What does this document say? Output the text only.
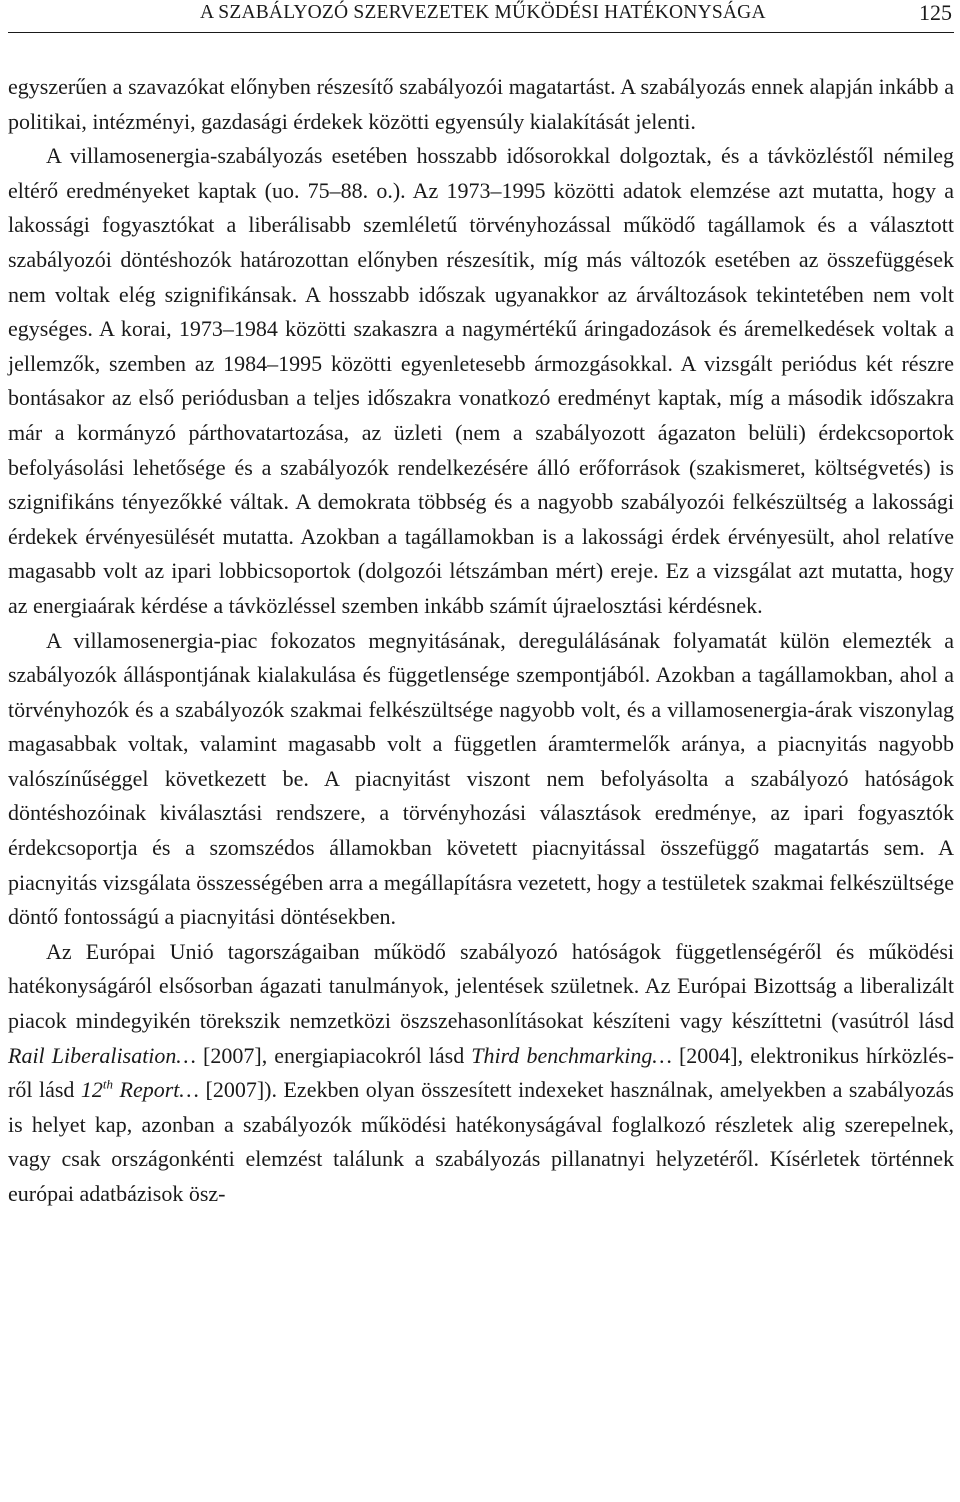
A SZABÁLYOZÓ SZERVEZETEK MŰKÖDÉSI HATÉKONYSÁGA	125

egyszerűen a szavazókat előnyben részesítő szabályozói magatartást. A szabályozás ennek alapján inkább a politikai, intézményi, gazdasági érdekek közötti egyensúly kialakítását jelenti.

A villamosenergia-szabályozás esetében hosszabb idősorokkal dolgoztak, és a távközléstől némileg eltérő eredményeket kaptak (uo. 75–88. o.). Az 1973–1995 közötti adatok elemzése azt mutatta, hogy a lakossági fogyasztókat a liberálisabb szemléletű törvényhozással működő tagállamok és a választott szabályozói döntéshozók határozottan előnyben részesítik, míg más változók esetében az összefüggések nem voltak elég szignifikánsak. A hosszabb időszak ugyanakkor az árváltozások tekintetében nem volt egységes. A korai, 1973–1984 közötti szakaszra a nagymértékű áringadozások és áremelkedések voltak a jellemzők, szemben az 1984–1995 közötti egyenletesebb ármozgásokkal. A vizsgált periódus két részre bontásakor az első periódusban a teljes időszakra vonatkozó eredményt kaptak, míg a második időszakra már a kormányzó párthovatartozása, az üzleti (nem a szabályozott ágazaton belüli) érdekcsoportok befolyásolási lehetősége és a szabályozók rendelkezésére álló erőforrások (szakismeret, költségvetés) is szignifikáns tényezőkké váltak. A demokrata többség és a nagyobb szabályozói felkészültség a lakossági érdekek érvényesülését mutatta. Azokban a tagállamokban is a lakossági érdek érvényesült, ahol relatíve magasabb volt az ipari lobbicsoportok (dolgozói létszámban mért) ereje. Ez a vizsgálat azt mutatta, hogy az energiaárak kérdése a távközléssel szemben inkább számít újraelosztási kérdésnek.

A villamosenergia-piac fokozatos megnyitásának, deregulálásának folyamatát külön elemezték a szabályozók álláspontjának kialakulása és függetlensége szempontjából. Azokban a tagállamokban, ahol a törvényhozók és a szabályozók szakmai felkészültsége nagyobb volt, és a villamosenergia-árak viszonylag magasabbak voltak, valamint magasabb volt a független áramtermelők aránya, a piacnyitás nagyobb valószínűséggel következett be. A piacnyitást viszont nem befolyásolta a szabályozó hatóságok döntéshozóinak kiválasztási rendszere, a törvényhozási választások eredménye, az ipari fogyasztók érdekcsoportja és a szomszédos államokban követett piacnyitással összefüggő magatartás sem. A piacnyitás vizsgálata összességében arra a megállapításra vezetett, hogy a testületek szakmai felkészültsége döntő fontosságú a piacnyitási döntésekben.

Az Európai Unió tagországaiban működő szabályozó hatóságok függetlenségéről és működési hatékonyságáról elsősorban ágazati tanulmányok, jelentések születnek. Az Európai Bizottság a liberalizált piacok mindegyikén törekszik nemzetközi öszszehasonlításokat készíteni vagy készíttetni (vasútról lásd Rail Liberalisation… [2007], energiapiacokról lásd Third benchmarking… [2004], elektronikus hírközlésről lásd 12th Report… [2007]). Ezekben olyan összesített indexeket használnak, amelyekben a szabályozás is helyet kap, azonban a szabályozók működési hatékonyságával foglalkozó részletek alig szerepelnek, vagy csak országonkénti elemzést találunk a szabályozás pillanatnyi helyzetéről. Kísérletek történnek európai adatbázisok ösz-
